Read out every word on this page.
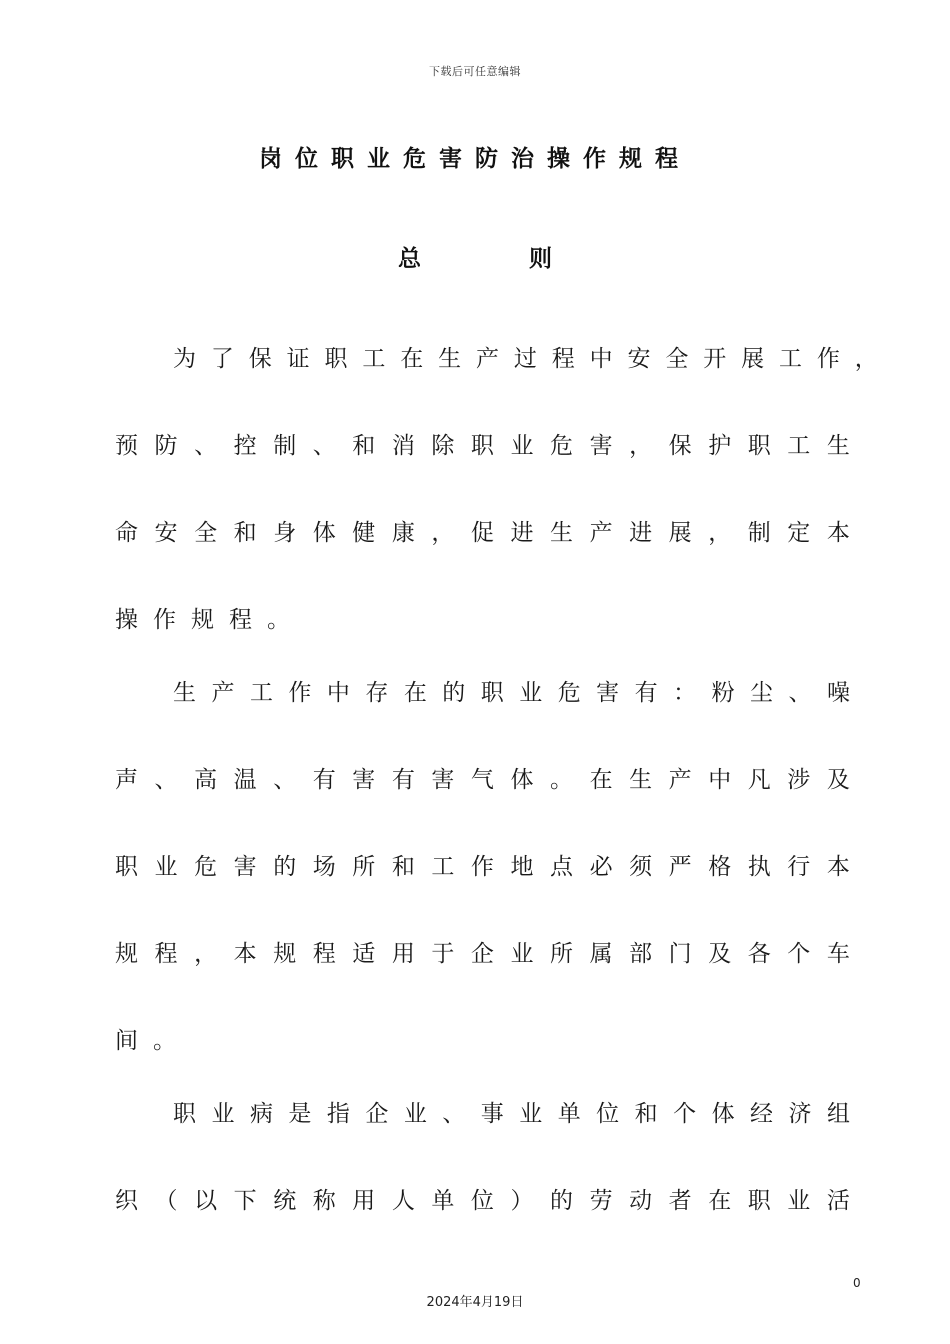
下载后可任意编辑
岗位职业危害防治操作规程
总	则
为 了 保 证 职 工 在 生 产 过 程 中 安 全 开 展 工 作 ，
预 防 、 控 制 、 和 消 除 职 业 危 害 ， 保 护 职 工 生
命 安 全 和 身 体 健 康 ， 促 进 生 产 进 展 ， 制 定 本
操作规程。
生 产 工 作 中 存 在 的 职 业 危 害 有 ： 粉 尘 、 噪
声 、 高 温 、 有 害 有 害 气 体 。 在 生 产 中 凡 涉 及
职 业 危 害 的 场 所 和 工 作 地 点 必 须 严 格 执 行 本
规 程 ， 本 规 程 适 用 于 企 业 所 属 部 门 及 各 个 车
间。
职 业 病 是 指 企 业 、 事 业 单 位 和 个 体 经 济 组
织 （ 以 下 统 称 用 人 单 位 ） 的 劳 动 者 在 职 业 活
0
2024年4月19日
